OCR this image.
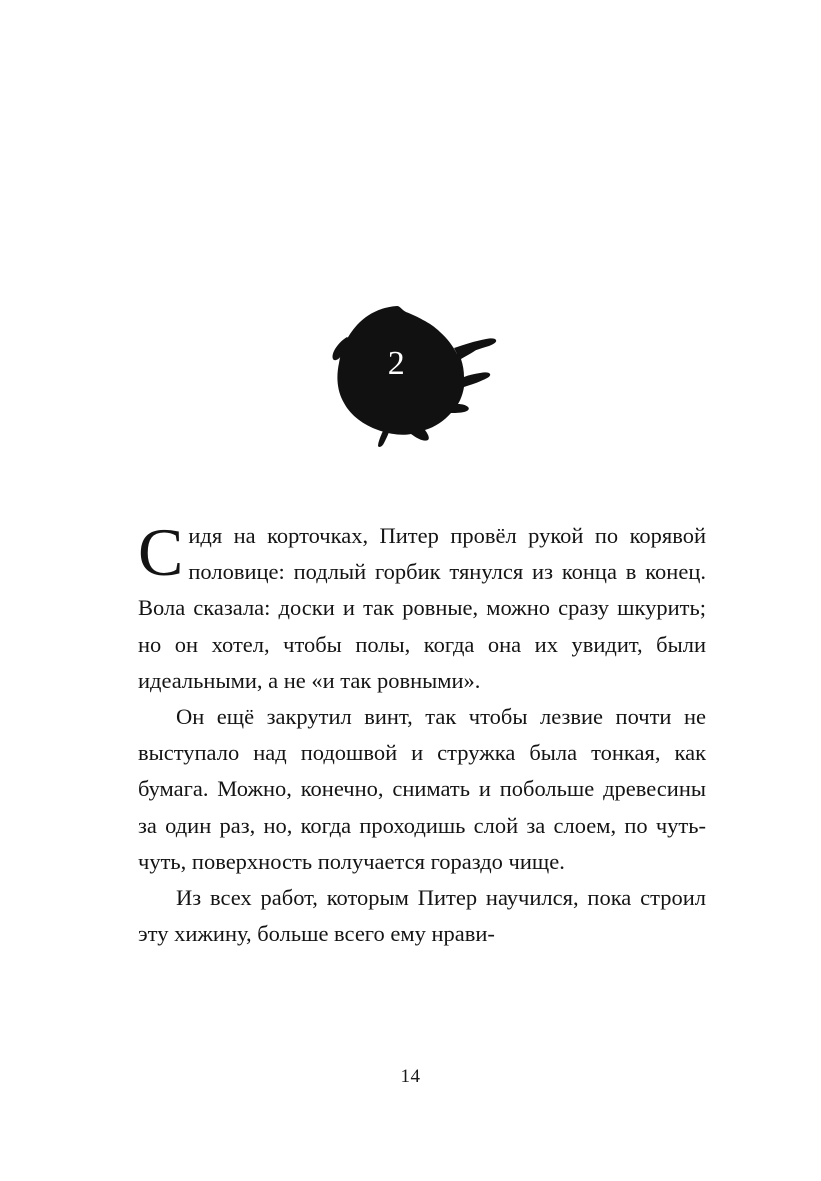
2

Сидя на корточках, Питер провёл рукой по корявой половице: подлый горбик тянулся из конца в конец. Вола сказала: доски и так ровные, можно сразу шкурить; но он хотел, чтобы полы, когда она их увидит, были идеальными, а не «и так ровными».

Он ещё закрутил винт, так чтобы лезвие почти не выступало над подошвой и стружка была тонкая, как бумага. Можно, конечно, снимать и побольше древесины за один раз, но, когда проходишь слой за слоем, по чуть-чуть, поверхность получается гораздо чище.

Из всех работ, которым Питер научился, пока строил эту хижину, больше всего ему нрави-

14
